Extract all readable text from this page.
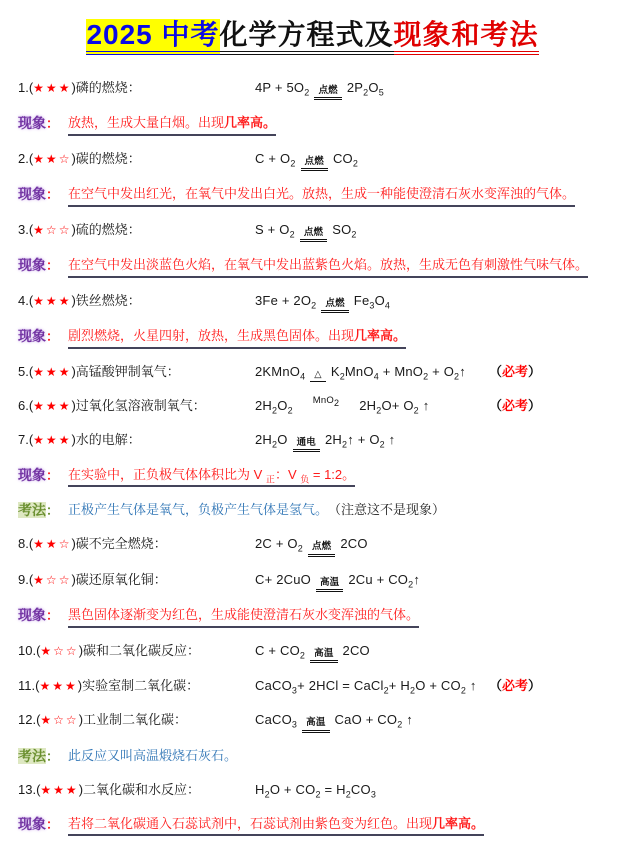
2025 中考化学方程式及现象和考法
1.(★★★)磷的燃烧：	$4P + 5O_2$ 点燃 $2P_2O_5$
现象： 放热，生成大量白烟。出现几率高。
2.(★★☆)碳的燃烧：	$C + O_2$ 点燃 $CO_2$
现象： 在空气中发出红光，在氧气中发出白光。放热，生成一种能使澄清石灰水变浑浊的气体。
3.(★☆☆)硫的燃烧：	$S + O_2$ 点燃 $SO_2$
现象： 在空气中发出淡蓝色火焰，在氧气中发出蓝紫色火焰。放热，生成无色有刺激性气味气体。
4.(★★★)铁丝燃烧：	$3Fe + 2O_2$ 点燃 $Fe_3O_4$
现象： 剧烈燃烧，火星四射，放热，生成黑色固体。出现几率高。
5.(★★★)高锰酸钾制氧气：	2KMnO$_4$ △ $K_2MnO_4 + MnO_2$ + $O_2↑$	（必考）
6.(★★★)过氧化氢溶液制氧气：	$2H_2O_2MnO_2$ $2H_2O+ O_2$ ↑	（必考）
7.(★★★)水的电解：	$2H_2O$ 通电 $2H_2↑ + O_2$ ↑
现象： 在实验中，正负极气体体积比为 V $_正$：V $_负$ = 1:2。
考法： 正极产生气体是氧气，负极产生气体是氢气。 （注意这不是现象）
8.(★★☆)碳不完全燃烧：	$2C + O_2$ 点燃 2CO
9.(★☆☆)碳还原氧化铜：	C+ 2CuO 高温 $2Cu + CO_2↑$
现象： 黑色固体逐渐变为红色，生成能使澄清石灰水变浑浊的气体。
10.(★☆☆)碳和二氧化碳反应：	$C + CO_2$ 高温 2CO
11.(★★★)实验室制二氧化碳：	CaCO$_3$+ 2HCl = CaCl$_2$+ $H_2O + CO_2$ ↑ （必考）
12.(★☆☆)工业制二氧化碳：	CaCO$_3$ 高温 CaO + $CO_2$ ↑
考法： 此反应又叫高温煅烧石灰石。
13.(★★★)二氧化碳和水反应：	$H_2O + CO_2 = H_2CO_3$
现象： 若将二氧化碳通入石蕊试剂中，石蕊试剂由紫色变为红色。出现几率高。
